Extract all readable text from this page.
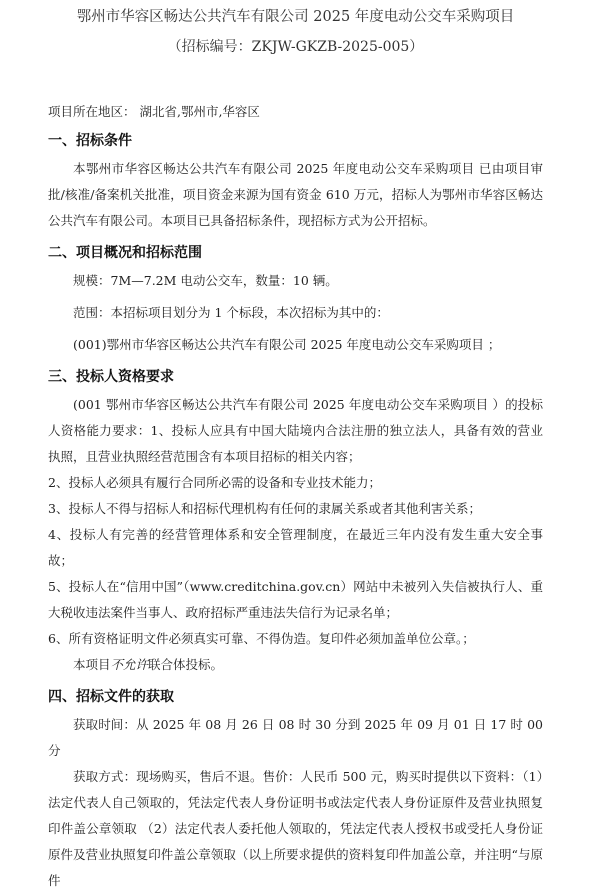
鄂州市华容区畅达公共汽车有限公司 2025 年度电动公交车采购项目
（招标编号：ZKJW-GKZB-2025-005）
项目所在地区： 湖北省,鄂州市,华容区
一、招标条件

本鄂州市华容区畅达公共汽车有限公司 2025 年度电动公交车采购项目 已由项目审批/核准/备案机关批准，项目资金来源为国有资金 610 万元，招标人为鄂州市华容区畅达公共汽车有限公司。本项目已具备招标条件，现招标方式为公开招标。

二、项目概况和招标范围

规模：7M—7.2M 电动公交车，数量：10 辆。

范围：本招标项目划分为 1 个标段，本次招标为其中的：

(001)鄂州市华容区畅达公共汽车有限公司 2025 年度电动公交车采购项目 ；

三、投标人资格要求

(001 鄂州市华容区畅达公共汽车有限公司 2025 年度电动公交车采购项目 ）的投标人资格能力要求：1、投标人应具有中国大陆境内合法注册的独立法人，具备有效的营业执照，且营业执照经营范围含有本项目招标的相关内容；

2、投标人必须具有履行合同所必需的设备和专业技术能力；

3、投标人不得与招标人和招标代理机构有任何的隶属关系或者其他利害关系；

4、投标人有完善的经营管理体系和安全管理制度，在最近三年内没有发生重大安全事故；

5、投标人在“信用中国”（www.creditchina.gov.cn）网站中未被列入失信被执行人、重大税收违法案件当事人、政府招标严重违法失信行为记录名单；

6、所有资格证明文件必须真实可靠、不得伪造。复印件必须加盖单位公章。；

本项目不允许联合体投标。

四、招标文件的获取

获取时间：从 2025 年 08 月 26 日 08 时 30 分到 2025 年 09 月 01 日 17 时 00 分

获取方式：现场购买，售后不退。售价：人民币 500 元，购买时提供以下资料：（1）法定代表人自己领取的，凭法定代表人身份证明书或法定代表人身份证原件及营业执照复印件盖公章领取 （2）法定代表人委托他人领取的，凭法定代表人授权书或受托人身份证原件及营业执照复印件盖公章领取（以上所要求提供的资料复印件加盖公章，并注明“与原件
